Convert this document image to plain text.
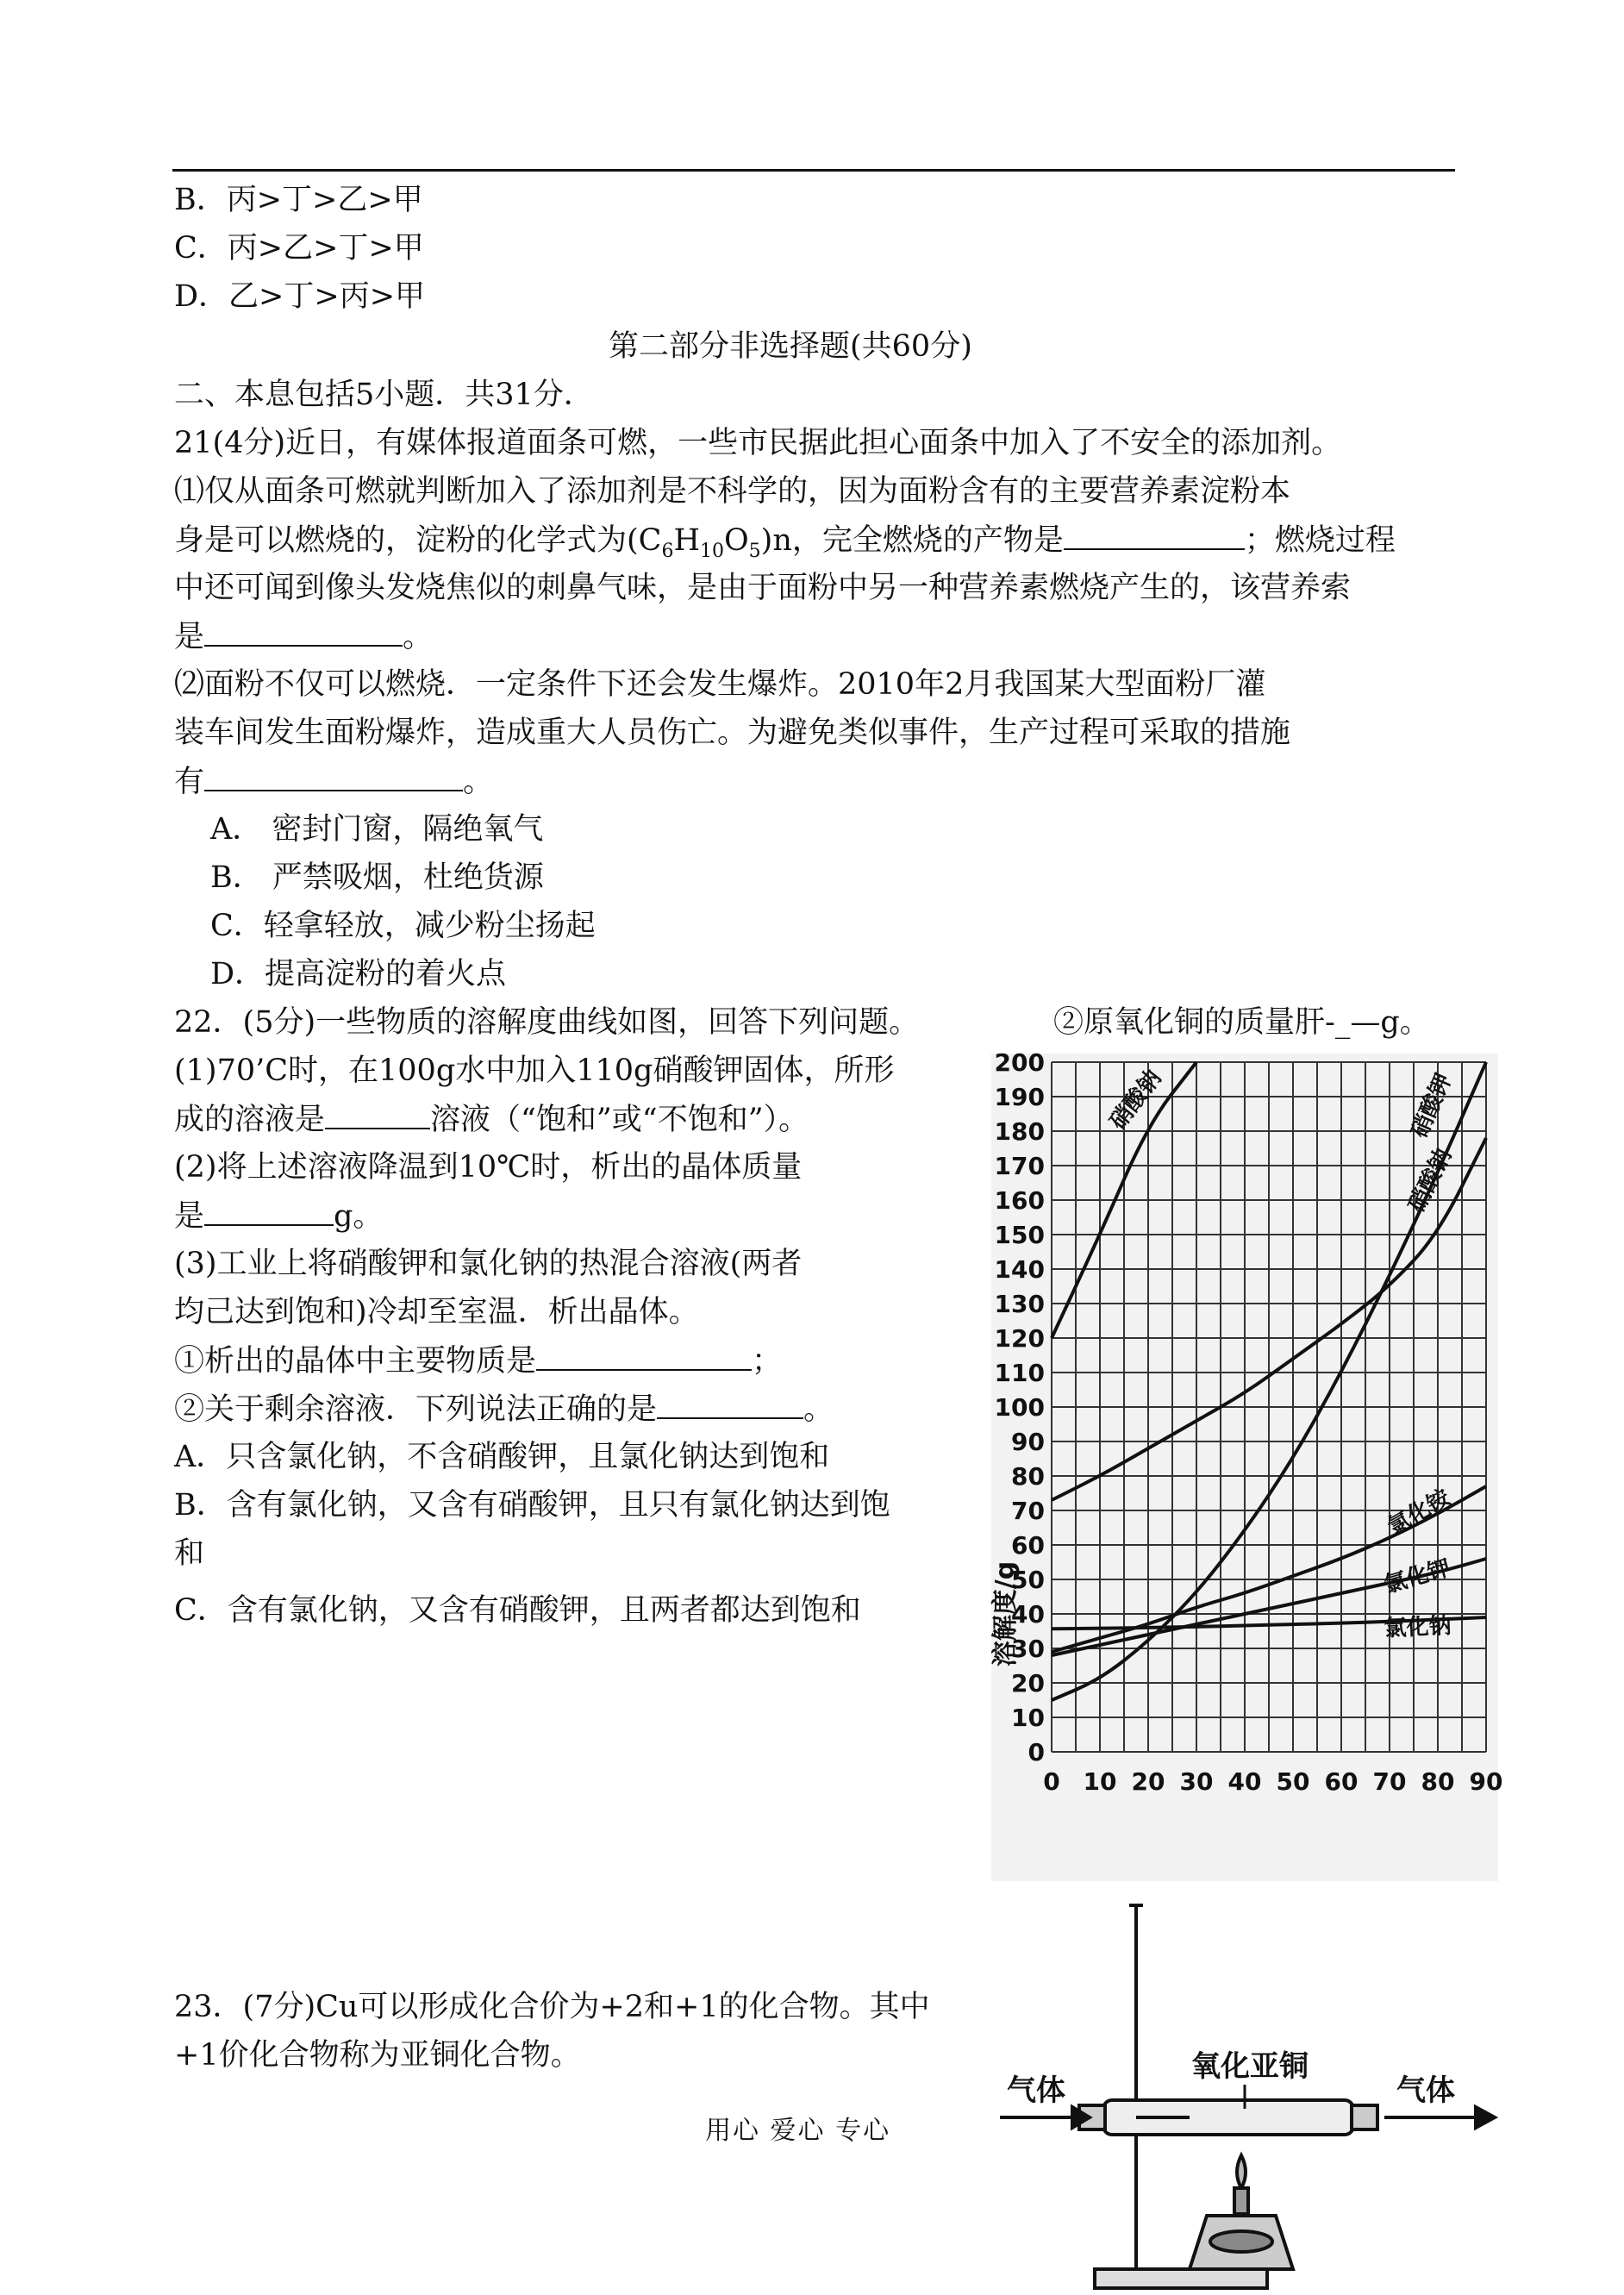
B．丙>丁>乙>甲
C．丙>乙>丁>甲
D．乙>丁>丙>甲
第二部分非选择题(共60分)
二、本息包括5小题．共31分．
21(4分)近日，有媒体报道面条可燃，一些市民据此担心面条中加入了不安全的添加剂。
⑴仅从面条可燃就判断加入了添加剂是不科学的，因为面粉含有的主要营养素淀粉本
身是可以燃烧的，淀粉的化学式为$(C_6H_{10}O_5)n$，完全燃烧的产物是	；燃烧过程
中还可闻到像头发烧焦似的刺鼻气味，是由于面粉中另一种营养素燃烧产生的，该营养索
是	。
⑵面粉不仅可以燃烧．一定条件下还会发生爆炸。2010年2月我国某大型面粉厂灌
装车间发生面粉爆炸，造成重大人员伤亡。为避免类似事件，生产过程可采取的措施
有	。
A． 密封门窗，隔绝氧气
B． 严禁吸烟，杜绝货源
C．轻拿轻放，减少粉尘扬起
D．提高淀粉的着火点
22．(5分)一些物质的溶解度曲线如图，回答下列问题。	②原氧化铜的质量肝-_—g。
(1)70’C时，在100g水中加入110g硝酸钾固体，所形
成的溶液是	溶液（“饱和”或“不饱和”）。
(2)将上述溶液降温到10℃时，析出的晶体质量
是	g。
(3)工业上将硝酸钾和氯化钠的热混合溶液(两者
均己达到饱和)冷却至室温．析出晶体。
①析出的晶体中主要物质是	；
②关于剩余溶液．下列说法正确的是	。
A．只含氯化钠，不含硝酸钾，且氯化钠达到饱和
B．含有氯化钠，又含有硝酸钾，且只有氯化钠达到饱
和
C．含有氯化钠，又含有硝酸钾，且两者都达到饱和
23．(7分)Cu可以形成化合价为+2和+1的化合物。其中
+1价化合物称为亚铜化合物。
用心 爱心 专心
0
10
20
30
40
50
60
70
80
90
100
110
120
130
140
150
160
170
180
190
200
0 10 20 30 40 50 60 70 80 90
溶解度/g
硝酸钠	硝酸钾
硝酸钠
氯化铵
氯化钾
氯化钠
氧化亚铜
气体	气体
